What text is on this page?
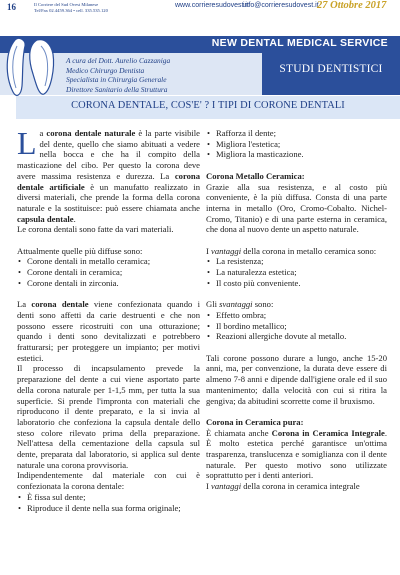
16	Il Corriere del Sud Ovest Milanese
Tel/Fax 02.4459.364 • cell. 335.535.120
www.corrieresudovest.it
info@corrieresudovest.it
27 Ottobre 2017
NEW DENTAL MEDICAL SERVICE
A cura del Dott. Aurelio Cazzaniga
Medico Chirurgo Dentista
Specialista in Chirurgia Generale
Direttore Sanitario della Struttura
STUDI DENTISTICI
CORONA DENTALE, COS'E' ? I TIPI DI CORONE DENTALI

La corona dentale naturale è la parte visibile del dente, quello che siamo abituati a vedere nella bocca e che ha il compito della masticazione del cibo. Per questo la corona deve avere massima resistenza e durezza. La corona dentale artificiale è un manufatto realizzato in diversi materiali, che prende la forma della corona naturale e la sostituisce: può essere chiamata anche capsula dentale.

Le corona dentali sono fatte da vari materiali.

Attualmente quelle più diffuse sono:

• Corone dentali in metallo ceramica;
• Corone dentali in ceramica;
• Corone dentali in zirconia.

La corona dentale viene confezionata quando i denti sono affetti da carie destruenti e che non possono essere ricostruiti con una otturazione; quando i denti sono devitalizzati e potrebbero fratturarsi; per proteggere un impianto; per motivi estetici.

Il processo di incapsulamento prevede la preparazione del dente a cui viene asportato parte della corona naturale per 1-1,5 mm, per tutta la sua superficie. Si prende l'impronta con materiali che riproducono il dente preparato, e la si invia al laboratorio che confeziona la capsula dentale dello steso colore rilevato prima della preparazione. Nell'attesa della cementazione della capsula sul dente, preparata dal laboratorio, si applica sul dente naturale una corona provvisoria.

Indipendentemente dal materiale con cui è confezionata la corona dentale:

• È fissa sul dente;
• Riproduce il dente nella sua forma originale;
• Rafforza il dente;
• Migliora l'estetica;
• Migliora la masticazione.

Corona Metallo Ceramica:

Grazie alla sua resistenza, e al costo più conveniente, è la più diffusa. Consta di una parte interna in metallo (Oro, Cromo-Cobalto. Nichel-Cromo, Titanio) e di una parte esterna in ceramica, che dona al nuovo dente un aspetto naturale.

I vantaggi della corona in metallo ceramica sono:

• La resistenza;
• La naturalezza estetica;
• Il costo più conveniente.

Gli svantaggi sono:

• Effetto ombra;
• Il bordino metallico;
• Reazioni allergiche dovute al metallo.

Tali corone possono durare a lungo, anche 15-20 anni, ma, per convenzione, la durata deve essere di almeno 7-8 anni e dipende dall'igiene orale ed il suo mantenimento; dalla velocità con cui si ritira la gengiva; da abitudini scorrette come il bruxismo.

Corona in Ceramica pura:

È chiamata anche Corona in Ceramica Integrale. È molto estetica perché garantisce un'ottima trasparenza, translucenza e somiglianza con il dente naturale. Per questo motivo sono utilizzate soprattutto per i denti anteriori.

I vantaggi della corona in ceramica integrale
